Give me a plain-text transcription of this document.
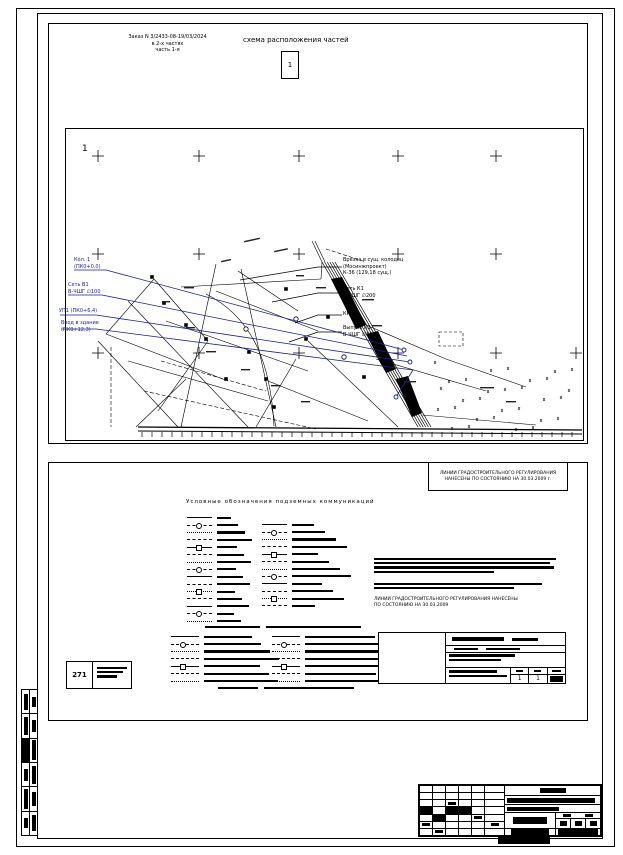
Заказ N 3/2433-08-19/03/2024
в 2-х частях
часть 1-я
схема расположения частей
1
1
Кол. 1
(ПК0+0,0)
Сеть В1
В-ЧШГ ∅100
УП1 (ПК0+6,4)
Ввод в здание
(ПК0+12,3)
Врезка в сущ. колодец
(Мосинжпроект)
К-36 (129,18 сущ.)
Сеть К1
В-ЧШГ ∅200
КК-1
Выпуск К1
В-ЧШГ ∅100
ЛИНИИ ГРАДОСТРОИТЕЛЬНОГО РЕГУЛИРОВАНИЯ
НАНЕСЕНЫ ПО СОСТОЯНИЮ НА 30.03.2009 г.
Условные обозначения подземных коммуникаций
ЛИНИИ ГРАДОСТРОИТЕЛЬНОГО РЕГУЛИРОВАНИЯ НАНЕСЕНЫ
ПО СОСТОЯНИЮ НА 30.03.2009
271	1	1
